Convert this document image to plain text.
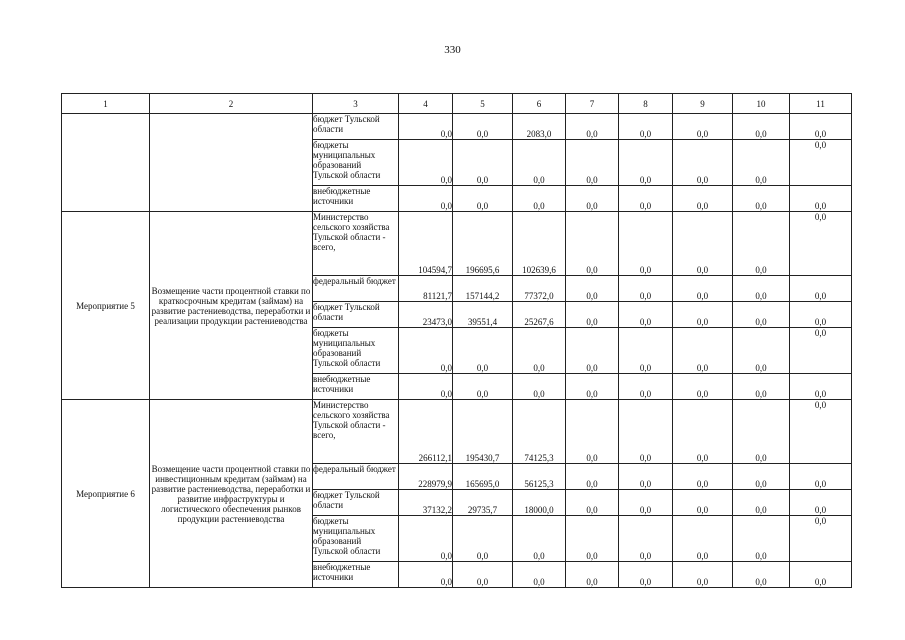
330
1	2	3	4	5	6	7	8	9	10	11
		бюджет Тульской области	0,0	0,0	2083,0	0,0	0,0	0,0	0,0	0,0
		бюджеты муниципальных образований Тульской области	0,0	0,0	0,0	0,0	0,0	0,0	0,0	0,0
		внебюджетные источники	0,0	0,0	0,0	0,0	0,0	0,0	0,0	0,0
Мероприятие 5	Возмещение части процентной ставки по краткосрочным кредитам (займам) на развитие растениеводства, переработки и реализации продукции растениеводства	Министерство сельского хозяйства Тульской области - всего,	104594,7	196695,6	102639,6	0,0	0,0	0,0	0,0	0,0
		федеральный бюджет	81121,7	157144,2	77372,0	0,0	0,0	0,0	0,0	0,0
		бюджет Тульской области	23473,0	39551,4	25267,6	0,0	0,0	0,0	0,0	0,0
		бюджеты муниципальных образований Тульской области	0,0	0,0	0,0	0,0	0,0	0,0	0,0	0,0
		внебюджетные источники	0,0	0,0	0,0	0,0	0,0	0,0	0,0	0,0
Мероприятие 6	Возмещение части процентной ставки по инвестиционным кредитам (займам) на развитие растениеводства, переработки и развитие инфраструктуры и логистического обеспечения рынков продукции растениеводства	Министерство сельского хозяйства Тульской области - всего,	266112,1	195430,7	74125,3	0,0	0,0	0,0	0,0	0,0
		федеральный бюджет	228979,9	165695,0	56125,3	0,0	0,0	0,0	0,0	0,0
		бюджет Тульской области	37132,2	29735,7	18000,0	0,0	0,0	0,0	0,0	0,0
		бюджеты муниципальных образований Тульской области	0,0	0,0	0,0	0,0	0,0	0,0	0,0	0,0
		внебюджетные источники	0,0	0,0	0,0	0,0	0,0	0,0	0,0	0,0
